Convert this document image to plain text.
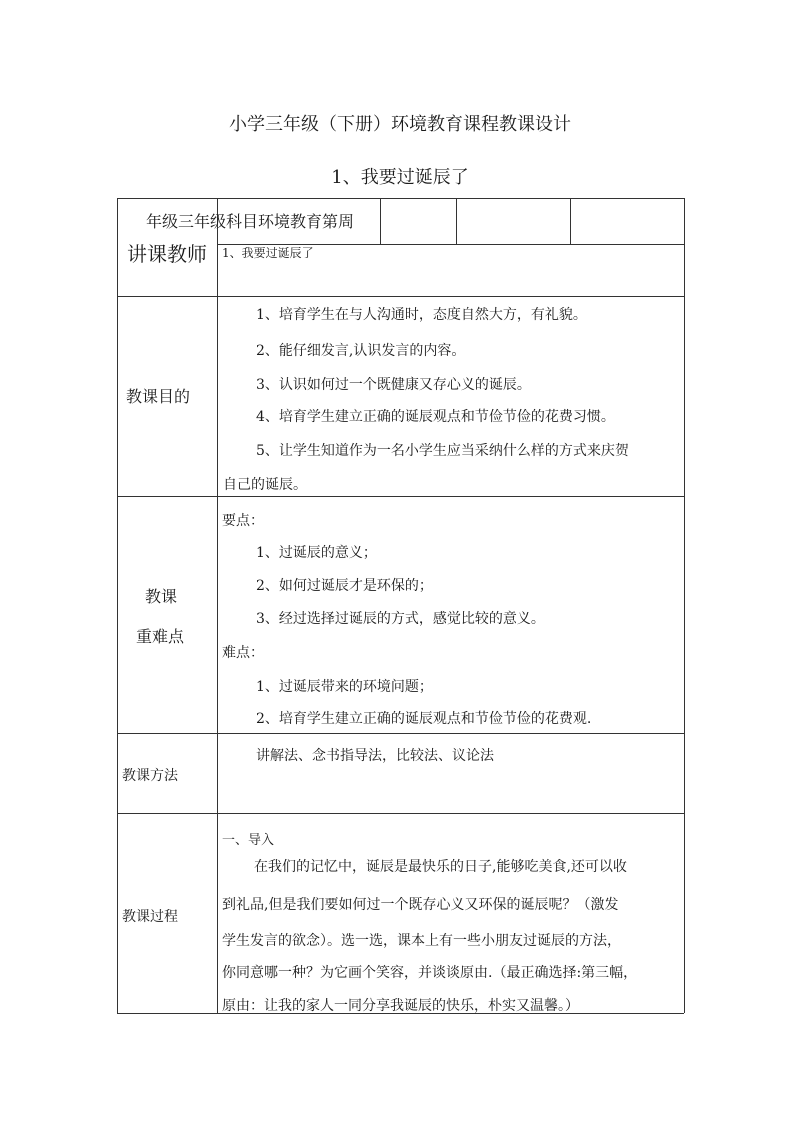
小学三年级（下册）环境教育课程教课设计
1、我要过诞辰了
年级三年级科目环境教育第周
讲课教师 1、我要过诞辰了
教课目的
1、培育学生在与人沟通时，态度自然大方，有礼貌。
2、能仔细发言,认识发言的内容。
3、认识如何过一个既健康又存心义的诞辰。
4、培育学生建立正确的诞辰观点和节俭节俭的花费习惯。
5、让学生知道作为一名小学生应当采纳什么样的方式来庆贺
自己的诞辰。
教课
重难点
要点：
1、过诞辰的意义；
2、如何过诞辰才是环保的；
3、经过选择过诞辰的方式，感觉比较的意义。
难点：
1、过诞辰带来的环境问题；
2、培育学生建立正确的诞辰观点和节俭节俭的花费观.
教课方法
讲解法、念书指导法，比较法、议论法
教课过程
一、导入
在我们的记忆中，诞辰是最快乐的日子,能够吃美食,还可以收
到礼品,但是我们要如何过一个既存心义又环保的诞辰呢？（激发
学生发言的欲念）。选一选，课本上有一些小朋友过诞辰的方法，
你同意哪一种？为它画个笑容，并谈谈原由.（最正确选择:第三幅，
原由：让我的家人一同分享我诞辰的快乐，朴实又温馨。）
